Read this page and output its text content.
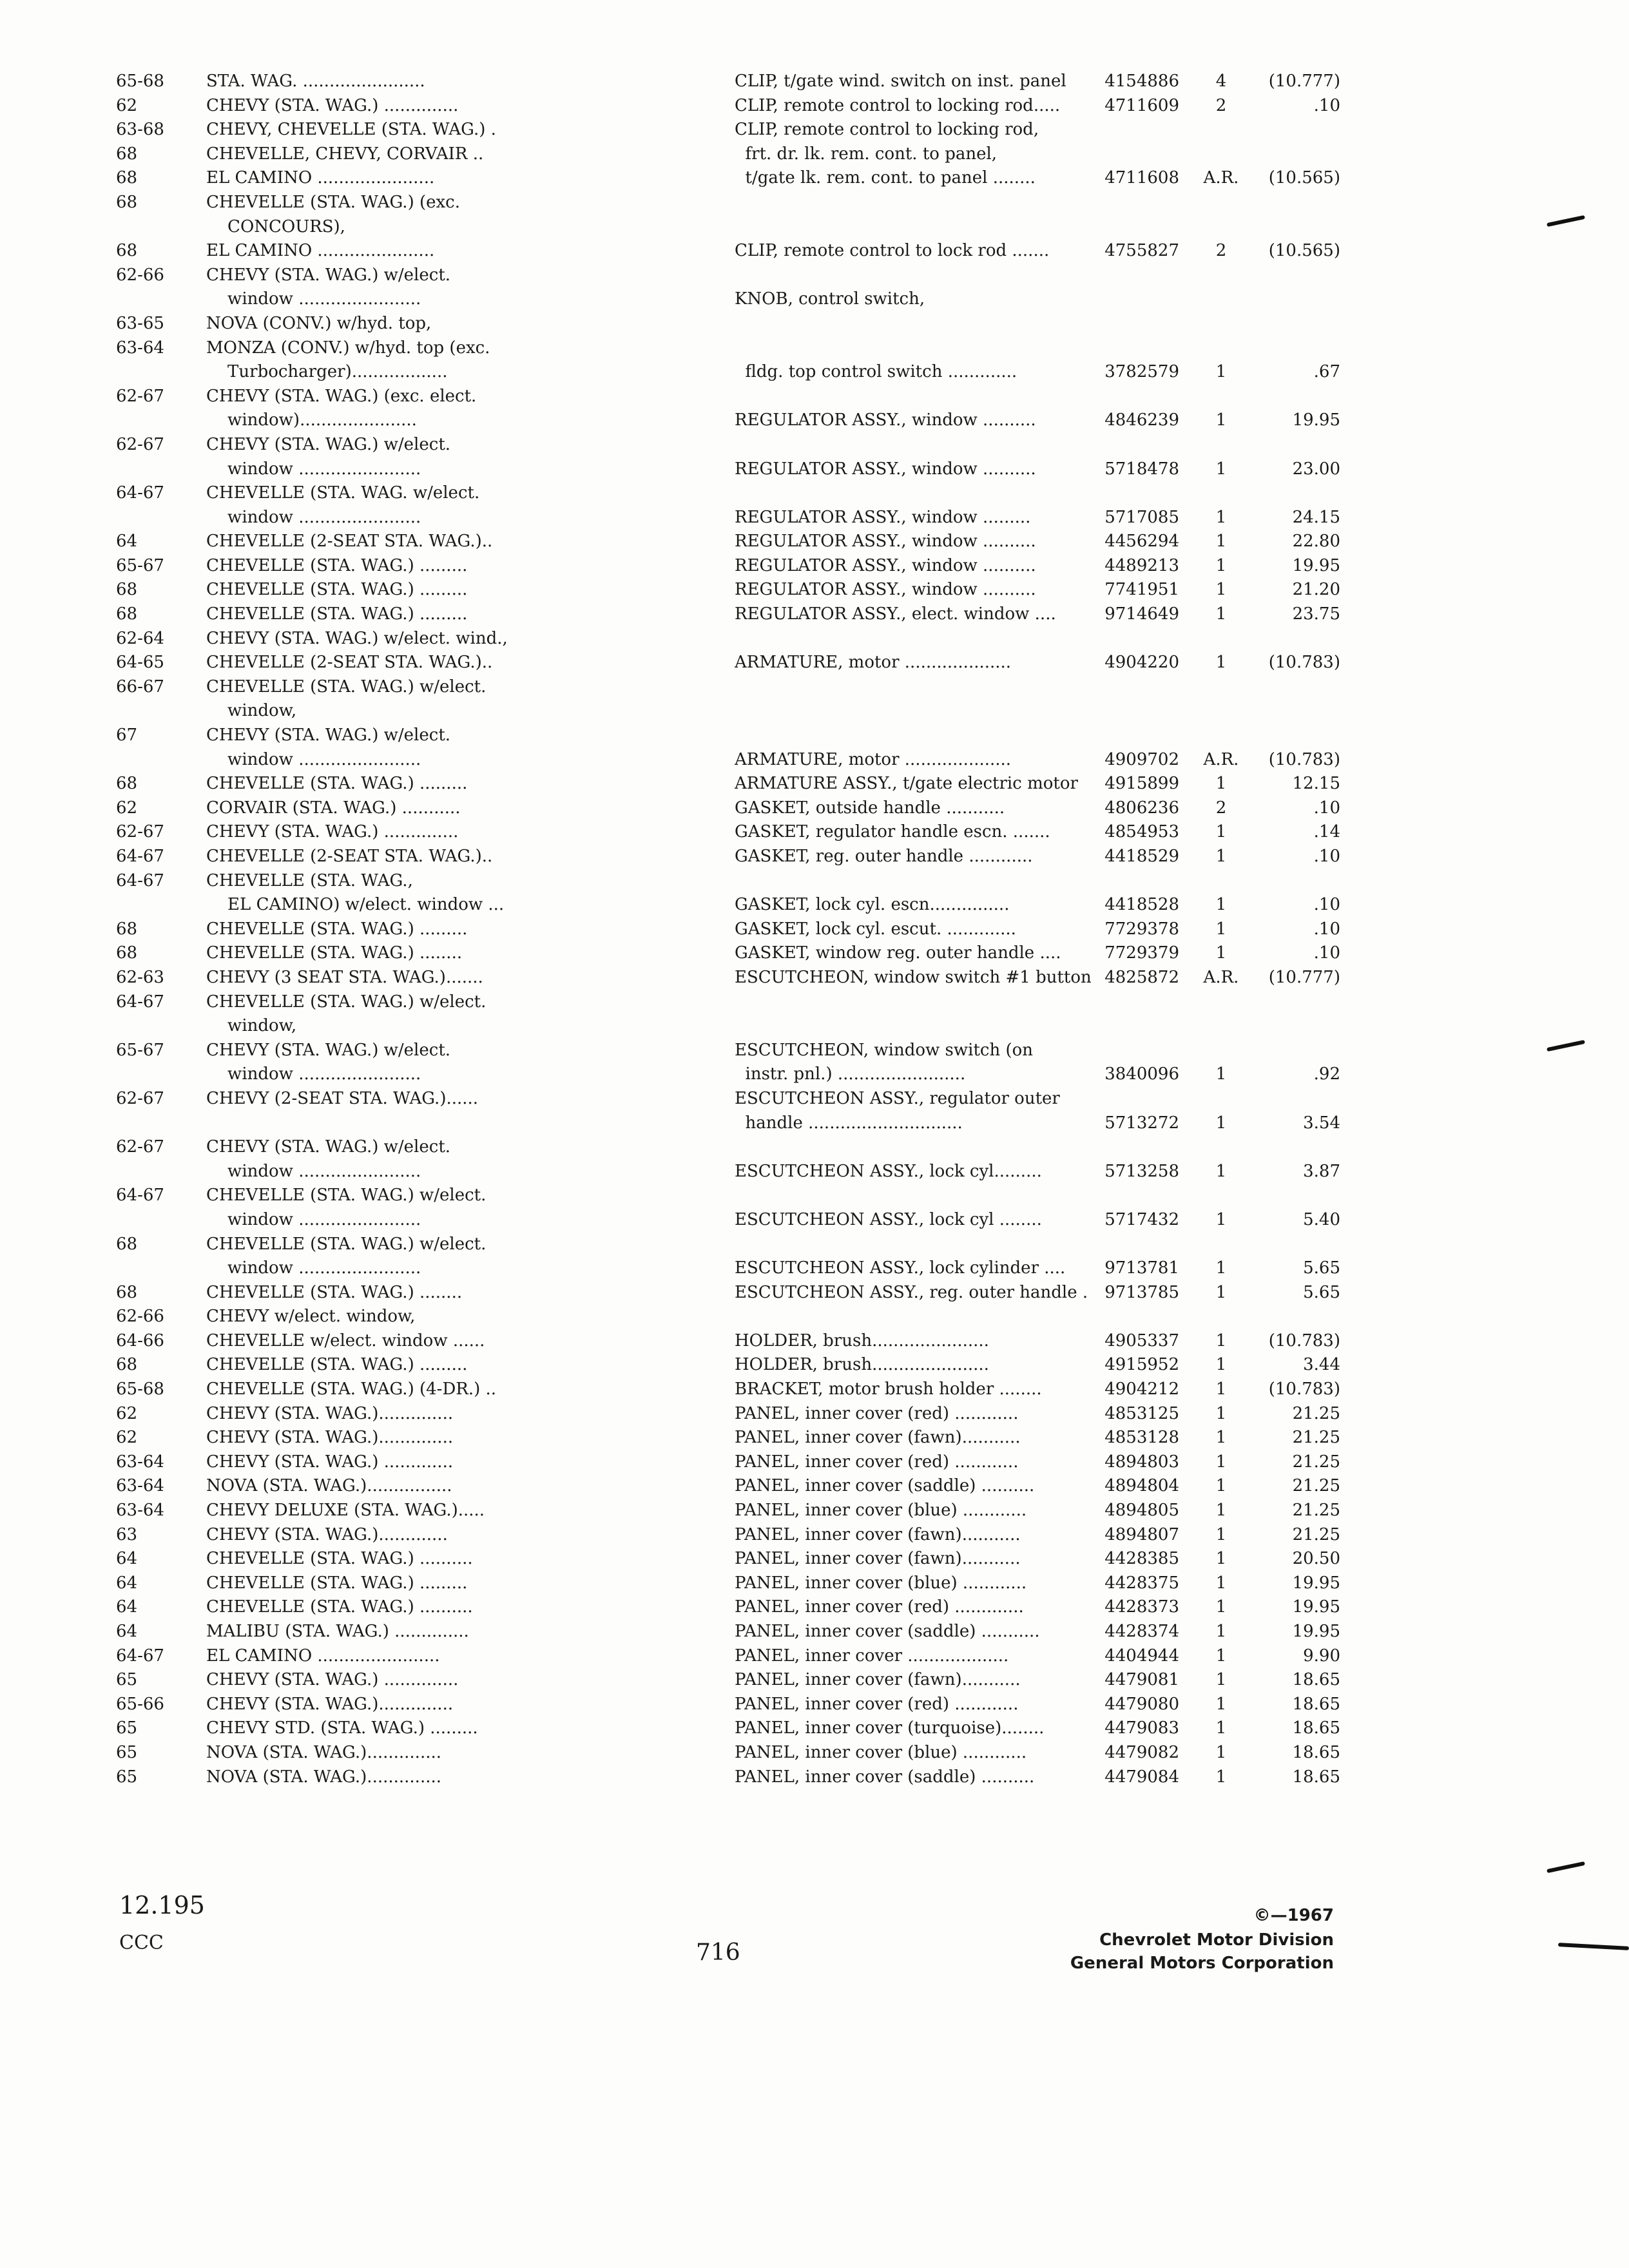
65-68	STA. WAG. .......................	CLIP, t/gate wind. switch on inst. panel	4154886	4	(10.777)
62	CHEVY (STA. WAG.) ..............	CLIP, remote control to locking rod.....	4711609	2	.10
63-68	CHEVY, CHEVELLE (STA. WAG.) .	CLIP, remote control to locking rod,
68	CHEVELLE, CHEVY, CORVAIR ..	frt. dr. lk. rem. cont. to panel,
68	EL CAMINO ......................	t/gate lk. rem. cont. to panel ........	4711608	A.R.	(10.565)
68	CHEVELLE (STA. WAG.) (exc.
CONCOURS),
68	EL CAMINO ......................	CLIP, remote control to lock rod .......	4755827	2	(10.565)
62-66	CHEVY (STA. WAG.) w/elect.
window .......................	KNOB, control switch,
63-65	NOVA (CONV.) w/hyd. top,
63-64	MONZA (CONV.) w/hyd. top (exc.
Turbocharger)..................	fldg. top control switch .............	3782579	1	.67
62-67	CHEVY (STA. WAG.) (exc. elect.
window)......................	REGULATOR ASSY., window ..........	4846239	1	19.95
62-67	CHEVY (STA. WAG.) w/elect.
window .......................	REGULATOR ASSY., window ..........	5718478	1	23.00
64-67	CHEVELLE (STA. WAG. w/elect.
window .......................	REGULATOR ASSY., window .........	5717085	1	24.15
64	CHEVELLE (2-SEAT STA. WAG.)..	REGULATOR ASSY., window ..........	4456294	1	22.80
65-67	CHEVELLE (STA. WAG.) .........	REGULATOR ASSY., window ..........	4489213	1	19.95
68	CHEVELLE (STA. WAG.) .........	REGULATOR ASSY., window ..........	7741951	1	21.20
68	CHEVELLE (STA. WAG.) .........	REGULATOR ASSY., elect. window ....	9714649	1	23.75
62-64	CHEVY (STA. WAG.) w/elect. wind.,
64-65	CHEVELLE (2-SEAT STA. WAG.)..	ARMATURE, motor ....................	4904220	1	(10.783)
66-67	CHEVELLE (STA. WAG.) w/elect.
window,
67	CHEVY (STA. WAG.) w/elect.
window .......................	ARMATURE, motor ....................	4909702	A.R.	(10.783)
68	CHEVELLE (STA. WAG.) .........	ARMATURE ASSY., t/gate electric motor	4915899	1	12.15
62	CORVAIR (STA. WAG.) ...........	GASKET, outside handle ...........	4806236	2	.10
62-67	CHEVY (STA. WAG.) ..............	GASKET, regulator handle escn. .......	4854953	1	.14
64-67	CHEVELLE (2-SEAT STA. WAG.)..	GASKET, reg. outer handle ............	4418529	1	.10
64-67	CHEVELLE (STA. WAG.,
EL CAMINO) w/elect. window ...	GASKET, lock cyl. escn...............	4418528	1	.10
68	CHEVELLE (STA. WAG.) .........	GASKET, lock cyl. escut. .............	7729378	1	.10
68	CHEVELLE (STA. WAG.) ........	GASKET, window reg. outer handle ....	7729379	1	.10
62-63	CHEVY (3 SEAT STA. WAG.).......	ESCUTCHEON, window switch #1 button 4825872	A.R.	(10.777)
64-67	CHEVELLE (STA. WAG.) w/elect.
window,
65-67	CHEVY (STA. WAG.) w/elect.	ESCUTCHEON, window switch (on
window .......................	instr. pnl.) ........................	3840096	1	.92
62-67	CHEVY (2-SEAT STA. WAG.)......	ESCUTCHEON ASSY., regulator outer
handle .............................	5713272	1	3.54
62-67	CHEVY (STA. WAG.) w/elect.
window .......................	ESCUTCHEON ASSY., lock cyl.........	5713258	1	3.87
64-67	CHEVELLE (STA. WAG.) w/elect.
window .......................	ESCUTCHEON ASSY., lock cyl ........	5717432	1	5.40
68	CHEVELLE (STA. WAG.) w/elect.
window .......................	ESCUTCHEON ASSY., lock cylinder ....	9713781	1	5.65
68	CHEVELLE (STA. WAG.) ........	ESCUTCHEON ASSY., reg. outer handle .	9713785	1	5.65
62-66	CHEVY w/elect. window,
64-66	CHEVELLE w/elect. window ......	HOLDER, brush......................	4905337	1	(10.783)
68	CHEVELLE (STA. WAG.) .........	HOLDER, brush......................	4915952	1	3.44
65-68	CHEVELLE (STA. WAG.) (4-DR.) ..	BRACKET, motor brush holder ........	4904212	1	(10.783)
62	CHEVY (STA. WAG.)..............	PANEL, inner cover (red) ............	4853125	1	21.25
62	CHEVY (STA. WAG.)..............	PANEL, inner cover (fawn)...........	4853128	1	21.25
63-64	CHEVY (STA. WAG.) .............	PANEL, inner cover (red) ............	4894803	1	21.25
63-64	NOVA (STA. WAG.)................	PANEL, inner cover (saddle) ..........	4894804	1	21.25
63-64	CHEVY DELUXE (STA. WAG.).....	PANEL, inner cover (blue) ............	4894805	1	21.25
63	CHEVY (STA. WAG.).............	PANEL, inner cover (fawn)...........	4894807	1	21.25
64	CHEVELLE (STA. WAG.) ..........	PANEL, inner cover (fawn)...........	4428385	1	20.50
64	CHEVELLE (STA. WAG.) .........	PANEL, inner cover (blue) ............	4428375	1	19.95
64	CHEVELLE (STA. WAG.) ..........	PANEL, inner cover (red) .............	4428373	1	19.95
64	MALIBU (STA. WAG.) ..............	PANEL, inner cover (saddle) ...........	4428374	1	19.95
64-67	EL CAMINO .......................	PANEL, inner cover ...................	4404944	1	9.90
65	CHEVY (STA. WAG.) ..............	PANEL, inner cover (fawn)...........	4479081	1	18.65
65-66	CHEVY (STA. WAG.)..............	PANEL, inner cover (red) ............	4479080	1	18.65
65	CHEVY STD. (STA. WAG.) .........	PANEL, inner cover (turquoise)........	4479083	1	18.65
65	NOVA (STA. WAG.)..............	PANEL, inner cover (blue) ............	4479082	1	18.65
65	NOVA (STA. WAG.)..............	PANEL, inner cover (saddle) ..........	4479084	1	18.65
12.195
CCC	716
©—1967
Chevrolet Motor Division
General Motors Corporation
